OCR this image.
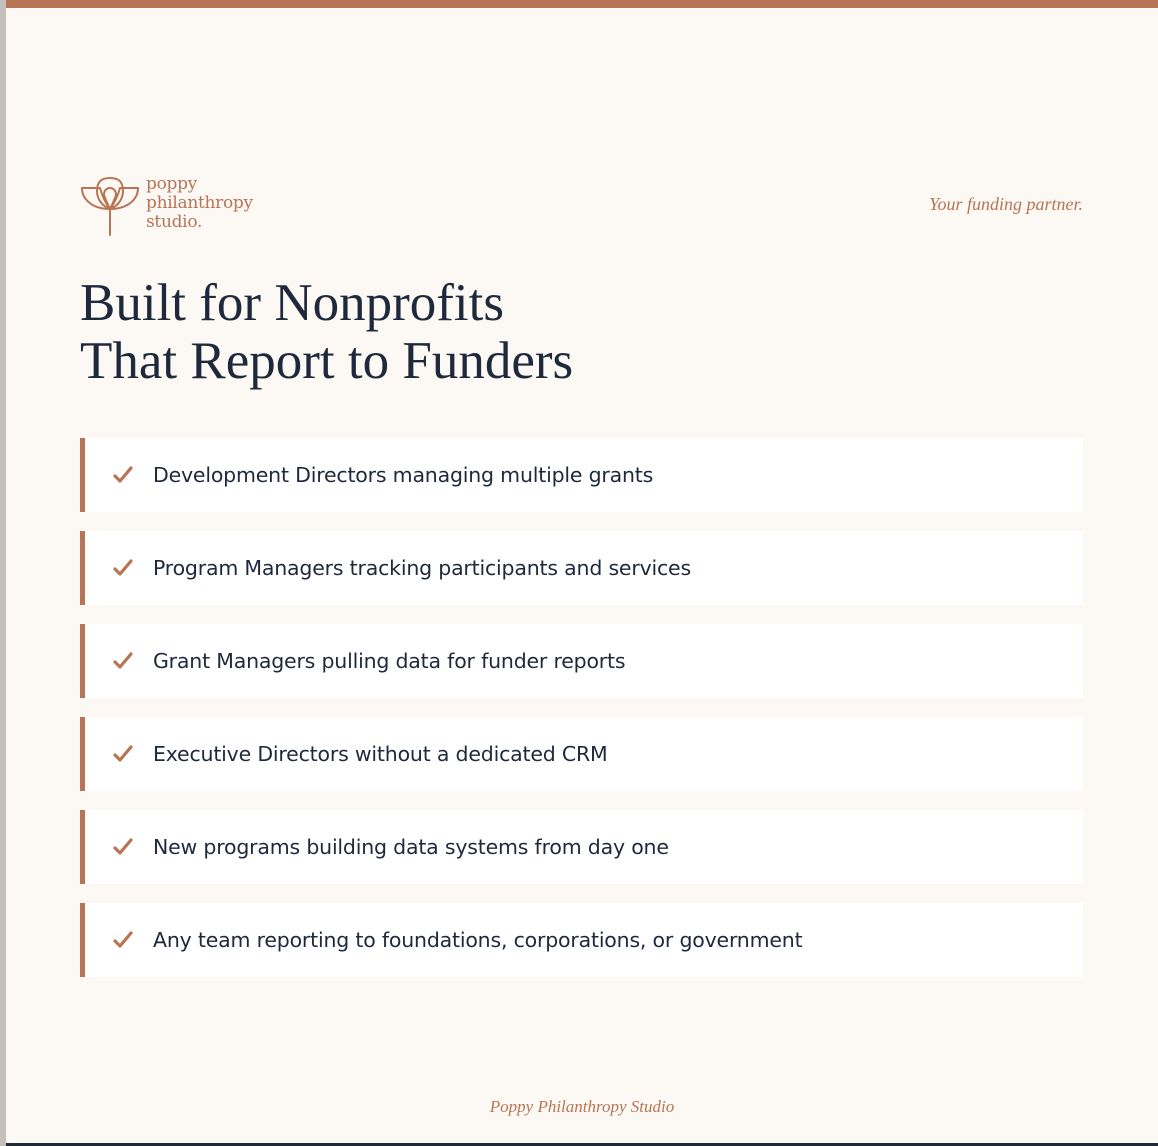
poppy
philanthropy
studio.
Your funding partner.
Built for Nonprofits
That Report to Funders
Development Directors managing multiple grants
Program Managers tracking participants and services
Grant Managers pulling data for funder reports
Executive Directors without a dedicated CRM
New programs building data systems from day one
Any team reporting to foundations, corporations, or government
Poppy Philanthropy Studio
